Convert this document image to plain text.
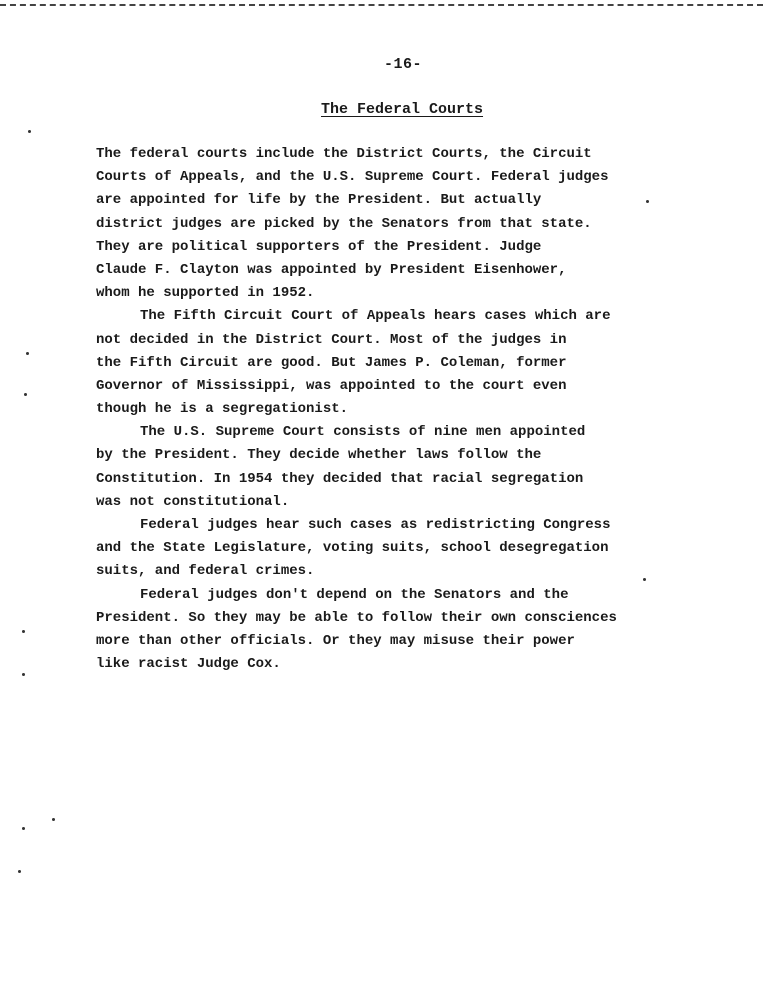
-16-
The Federal Courts
The federal courts include the District Courts, the Circuit
Courts of Appeals, and the U.S. Supreme Court. Federal judges
are appointed for life by the President. But actually
district judges are picked by the Senators from that state.
They are political supporters of the President. Judge
Claude F. Clayton was appointed by President Eisenhower,
whom he supported in 1952.
The Fifth Circuit Court of Appeals hears cases which are
not decided in the District Court. Most of the judges in
the Fifth Circuit are good. But James P. Coleman, former
Governor of Mississippi, was appointed to the court even
though he is a segregationist.
The U.S. Supreme Court consists of nine men appointed
by the President. They decide whether laws follow the
Constitution. In 1954 they decided that racial segregation
was not constitutional.
Federal judges hear such cases as redistricting Congress
and the State Legislature, voting suits, school desegregation
suits, and federal crimes.
Federal judges don't depend on the Senators and the
President. So they may be able to follow their own consciences
more than other officials. Or they may misuse their power
like racist Judge Cox.
